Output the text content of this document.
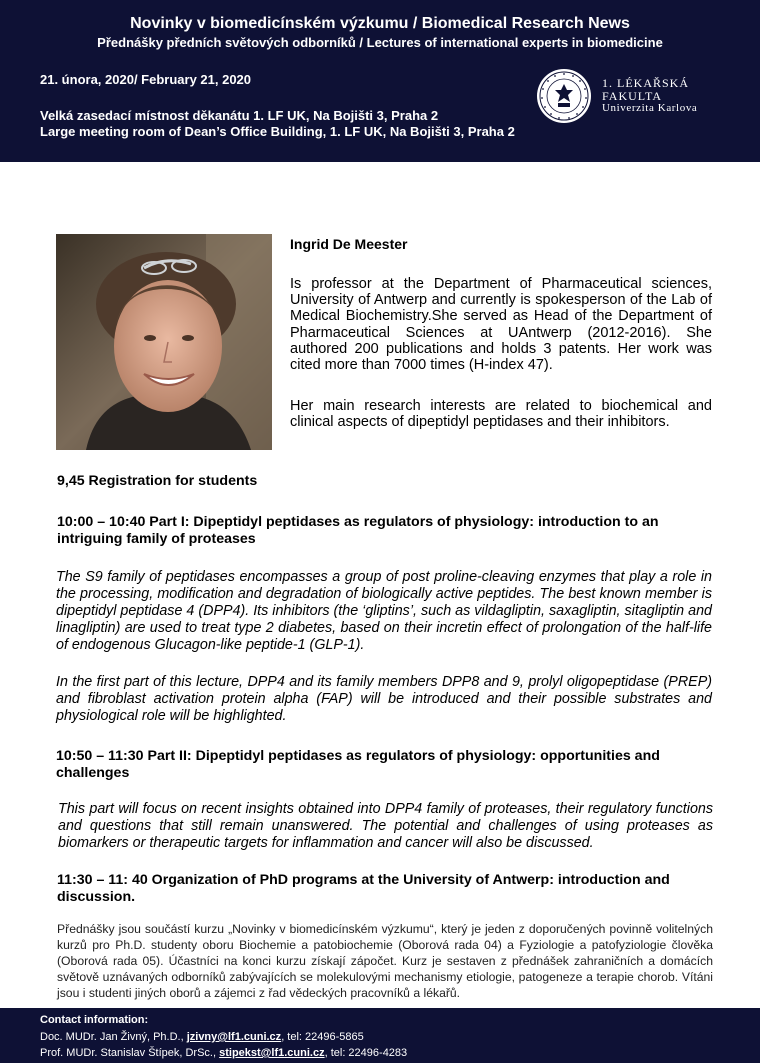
Novinky v biomedicínském výzkumu / Biomedical Research News
Přednášky předních světových odborníků / Lectures of international experts in biomedicine
21. února, 2020/ February 21, 2020
Velká zasedací místnost děkanátu 1. LF UK, Na Bojišti 3, Praha 2
Large meeting room of Dean’s Office Building, 1. LF UK, Na Bojišti 3, Praha 2
1. LÉKAŘSKÁ
FAKULTA
Univerzita Karlova
Ingrid De Meester
Is professor at the Department of Pharmaceutical sciences, University of Antwerp and currently is spokesperson of the Lab of Medical Biochemistry.She served as Head of the Department of Pharmaceutical Sciences at UAntwerp (2012-2016). She authored 200 publications and holds 3 patents. Her work was cited more than 7000 times (H-index 47).
Her main research interests are related to biochemical and clinical aspects of dipeptidyl peptidases and their inhibitors.
9,45 Registration for students
10:00 – 10:40 Part I: Dipeptidyl peptidases as regulators of physiology: introduction to an intriguing family of proteases
The S9 family of peptidases encompasses a group of post proline-cleaving enzymes that play a role in the processing, modification and degradation of biologically active peptides. The best known member is dipeptidyl peptidase 4 (DPP4). Its inhibitors (the ‘gliptins’, such as vildagliptin, saxagliptin, sitagliptin and linagliptin) are used to treat type 2 diabetes, based on their incretin effect of prolongation of the half-life of endogenous Glucagon-like peptide-1 (GLP-1).
In the first part of this lecture, DPP4 and its family members DPP8 and 9, prolyl oligopeptidase (PREP) and fibroblast activation protein alpha (FAP) will be introduced and their possible substrates and physiological role will be highlighted.
10:50 – 11:30 Part II: Dipeptidyl peptidases as regulators of physiology: opportunities and challenges
This part will focus on recent insights obtained into DPP4 family of proteases, their regulatory functions and questions that still remain unanswered. The potential and challenges of using proteases as biomarkers or therapeutic targets for inflammation and cancer will also be discussed.
11:30 – 11: 40 Organization of PhD programs at the University of Antwerp: introduction and discussion.
Přednášky jsou součástí kurzu „Novinky v biomedicínském výzkumu“, který je jeden z doporučených povinně volitelných kurzů pro Ph.D. studenty oboru Biochemie a patobiochemie (Oborová rada 04) a Fyziologie a patofyziologie člověka (Oborová rada 05). Účastníci na konci kurzu získají zápočet. Kurz je sestaven z přednášek zahraničních a domácích světově uznávaných odborníků zabývajících se molekulovými mechanismy etiologie, patogeneze a terapie chorob. Vítáni jsou i studenti jiných oborů a zájemci z řad vědeckých pracovníků a lékařů.
Contact information:
Doc. MUDr. Jan Živný, Ph.D., jzivny@lf1.cuni.cz, tel: 22496-5865
Prof. MUDr. Stanislav Štípek, DrSc., stipekst@lf1.cuni.cz, tel: 22496-4283
